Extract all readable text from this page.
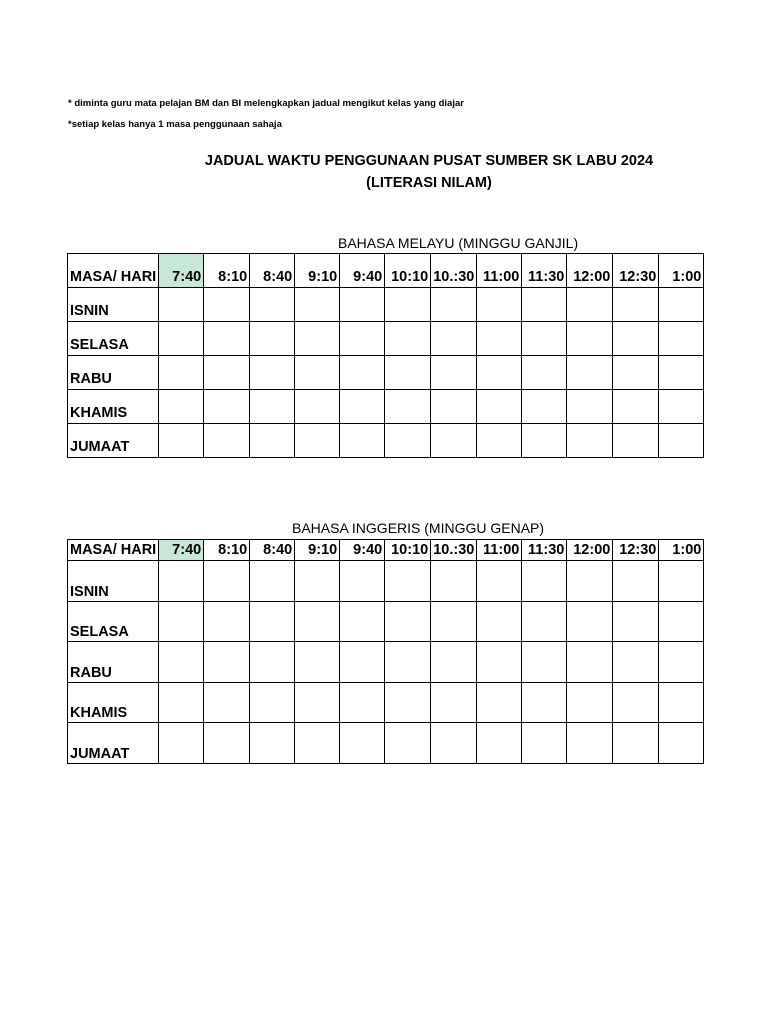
* diminta guru mata pelajan BM dan BI melengkapkan jadual mengikut kelas yang diajar
*setiap kelas hanya 1 masa penggunaan sahaja
JADUAL WAKTU PENGGUNAAN PUSAT SUMBER SK LABU 2024
(LITERASI NILAM)
BAHASA MELAYU (MINGGU GANJIL)
MASA/ HARI	7:40	8:10	8:40	9:10	9:40	10:10	10.:30	11:00	11:30	12:00	12:30	1:00
ISNIN												
SELASA												
RABU												
KHAMIS												
JUMAAT												
BAHASA INGGERIS (MINGGU GENAP)
MASA/ HARI	7:40	8:10	8:40	9:10	9:40	10:10	10.:30	11:00	11:30	12:00	12:30	1:00
ISNIN												
SELASA												
RABU												
KHAMIS												
JUMAAT												
